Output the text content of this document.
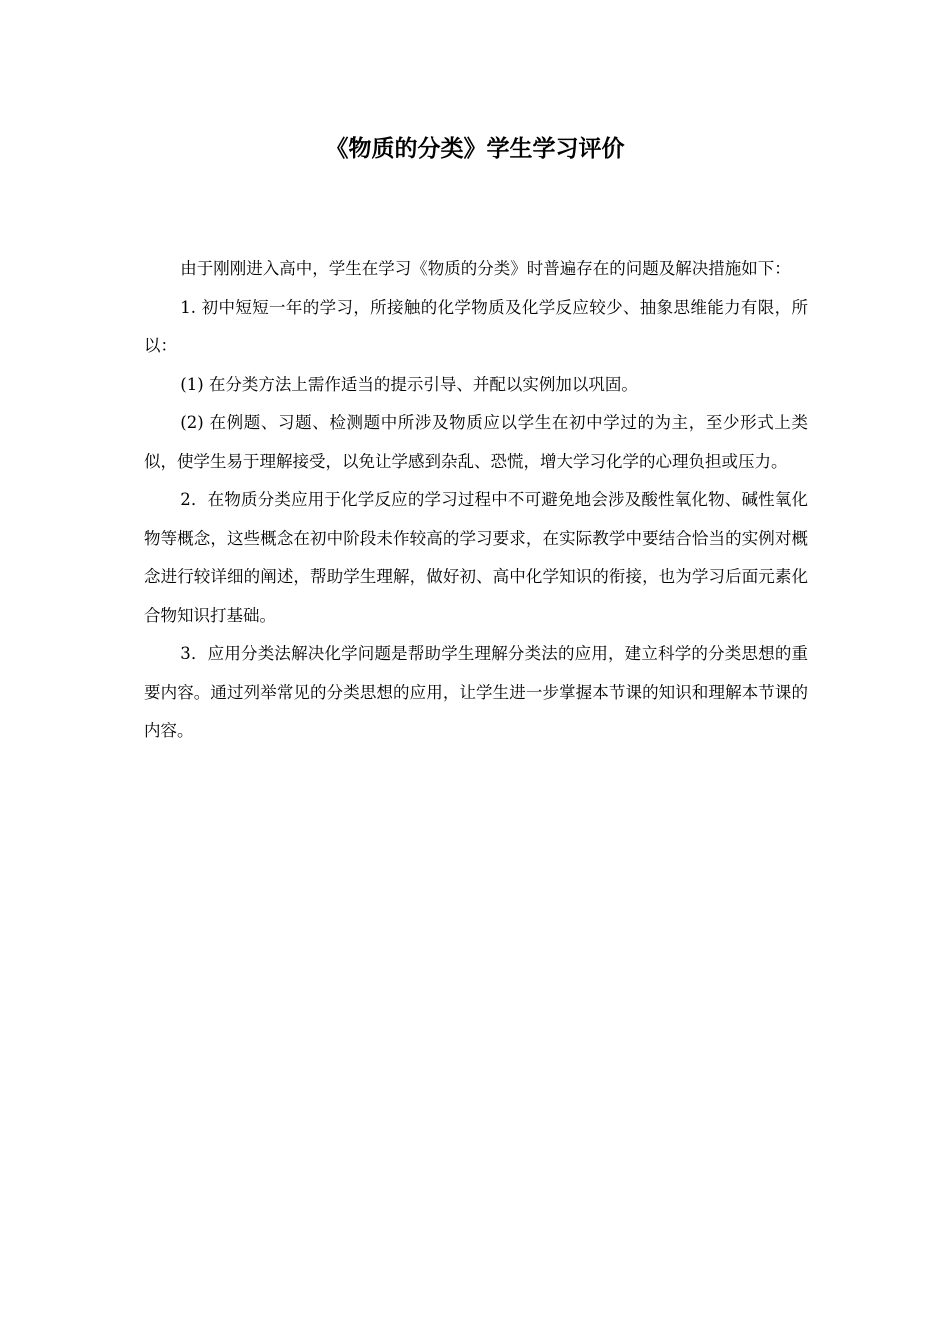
《物质的分类》学生学习评价

由于刚刚进入高中，学生在学习《物质的分类》时普遍存在的问题及解决措施如下：

1. 初中短短一年的学习，所接触的化学物质及化学反应较少、抽象思维能力有限，所以：

(1) 在分类方法上需作适当的提示引导、并配以实例加以巩固。

(2) 在例题、习题、检测题中所涉及物质应以学生在初中学过的为主，至少形式上类似，使学生易于理解接受，以免让学感到杂乱、恐慌，增大学习化学的心理负担或压力。

2．在物质分类应用于化学反应的学习过程中不可避免地会涉及酸性氧化物、碱性氧化物等概念，这些概念在初中阶段未作较高的学习要求，在实际教学中要结合恰当的实例对概念进行较详细的阐述，帮助学生理解，做好初、高中化学知识的衔接，也为学习后面元素化合物知识打基础。

3．应用分类法解决化学问题是帮助学生理解分类法的应用，建立科学的分类思想的重要内容。通过列举常见的分类思想的应用，让学生进一步掌握本节课的知识和理解本节课的内容。
